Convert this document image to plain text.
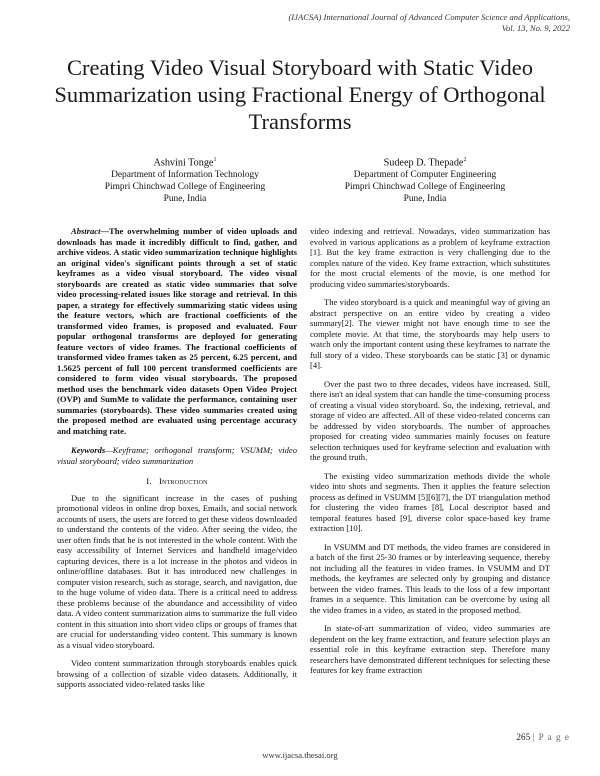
(IJACSA) International Journal of Advanced Computer Science and Applications,
Vol. 13, No. 9, 2022
Creating Video Visual Storyboard with Static Video Summarization using Fractional Energy of Orthogonal Transforms
Ashvini Tonge$^1$
Department of Information Technology
Pimpri Chinchwad College of Engineering
Pune, India
Sudeep D. Thepade$^2$
Department of Computer Engineering
Pimpri Chinchwad College of Engineering
Pune, India

Abstract—The overwhelming number of video uploads and downloads has made it incredibly difficult to find, gather, and archive videos. A static video summarization technique highlights an original video's significant points through a set of static keyframes as a video visual storyboard. The video visual storyboards are created as static video summaries that solve video processing-related issues like storage and retrieval. In this paper, a strategy for effectively summarizing static videos using the feature vectors, which are fractional coefficients of the transformed video frames, is proposed and evaluated. Four popular orthogonal transforms are deployed for generating feature vectors of video frames. The fractional coefficients of transformed video frames taken as 25 percent, 6.25 percent, and 1.5625 percent of full 100 percent transformed coefficients are considered to form video visual storyboards. The proposed method uses the benchmark video datasets Open Video Project (OVP) and SumMe to validate the performance, containing user summaries (storyboards). These video summaries created using the proposed method are evaluated using percentage accuracy and matching rate.

Keywords—Keyframe; orthogonal transform; VSUMM; video visual storyboard; video summarization

I. Introduction

Due to the significant increase in the cases of pushing promotional videos in online drop boxes, Emails, and social network accounts of users, the users are forced to get these videos downloaded to understand the contents of the video. After seeing the video, the user often finds that he is not interested in the whole content. With the easy accessibility of Internet Services and handheld image/video capturing devices, there is a lot increase in the photos and videos in online/offline databases. But it has introduced new challenges in computer vision research, such as storage, search, and navigation, due to the huge volume of video data. There is a critical need to address these problems because of the abundance and accessibility of video data. A video content summarization aims to summarize the full video content in this situation into short video clips or groups of frames that are crucial for understanding video content. This summary is known as a visual video storyboard.

Video content summarization through storyboards enables quick browsing of a collection of sizable video datasets. Additionally, it supports associated video-related tasks like

video indexing and retrieval. Nowadays, video summarization has evolved in various applications as a problem of keyframe extraction [1]. But the key frame extraction is very challenging due to the complex nature of the video. Key frame extraction, which substitutes for the most crucial elements of the movie, is one method for producing video summaries/storyboards.

The video storyboard is a quick and meaningful way of giving an abstract perspective on an entire video by creating a video summary[2]. The viewer might not have enough time to see the complete movie. At that time, the storyboards may help users to watch only the important content using these keyframes to narrate the full story of a video. These storyboards can be static [3] or dynamic [4].

Over the past two to three decades, videos have increased. Still, there isn't an ideal system that can handle the time-consuming process of creating a visual video storyboard. So, the indexing, retrieval, and storage of video are affected. All of these video-related concerns can be addressed by video storyboards. The number of approaches proposed for creating video summaries mainly focuses on feature selection techniques used for keyframe selection and evaluation with the ground truth.

The existing video summarization methods divide the whole video into shots and segments. Then it applies the feature selection process as defined in VSUMM [5][6][7], the DT triangulation method for clustering the video frames [8], Local descriptor based and temporal features based [9], diverse color space-based key frame extraction [10].

In VSUMM and DT methods, the video frames are considered in a batch of the first 25-30 frames or by interleaving sequence, thereby not including all the features in video frames. In VSUMM and DT methods, the keyframes are selected only by grouping and distance between the video frames. This leads to the loss of a few important frames in a sequence. This limitation can be overcome by using all the video frames in a video, as stated in the proposed method.

In state-of-art summarization of video, video summaries are dependent on the key frame extraction, and feature selection plays an essential role in this keyframe extraction step. Therefore many researchers have demonstrated different techniques for selecting these features for key frame extraction

265 | P a g e
www.ijacsa.thesai.org
